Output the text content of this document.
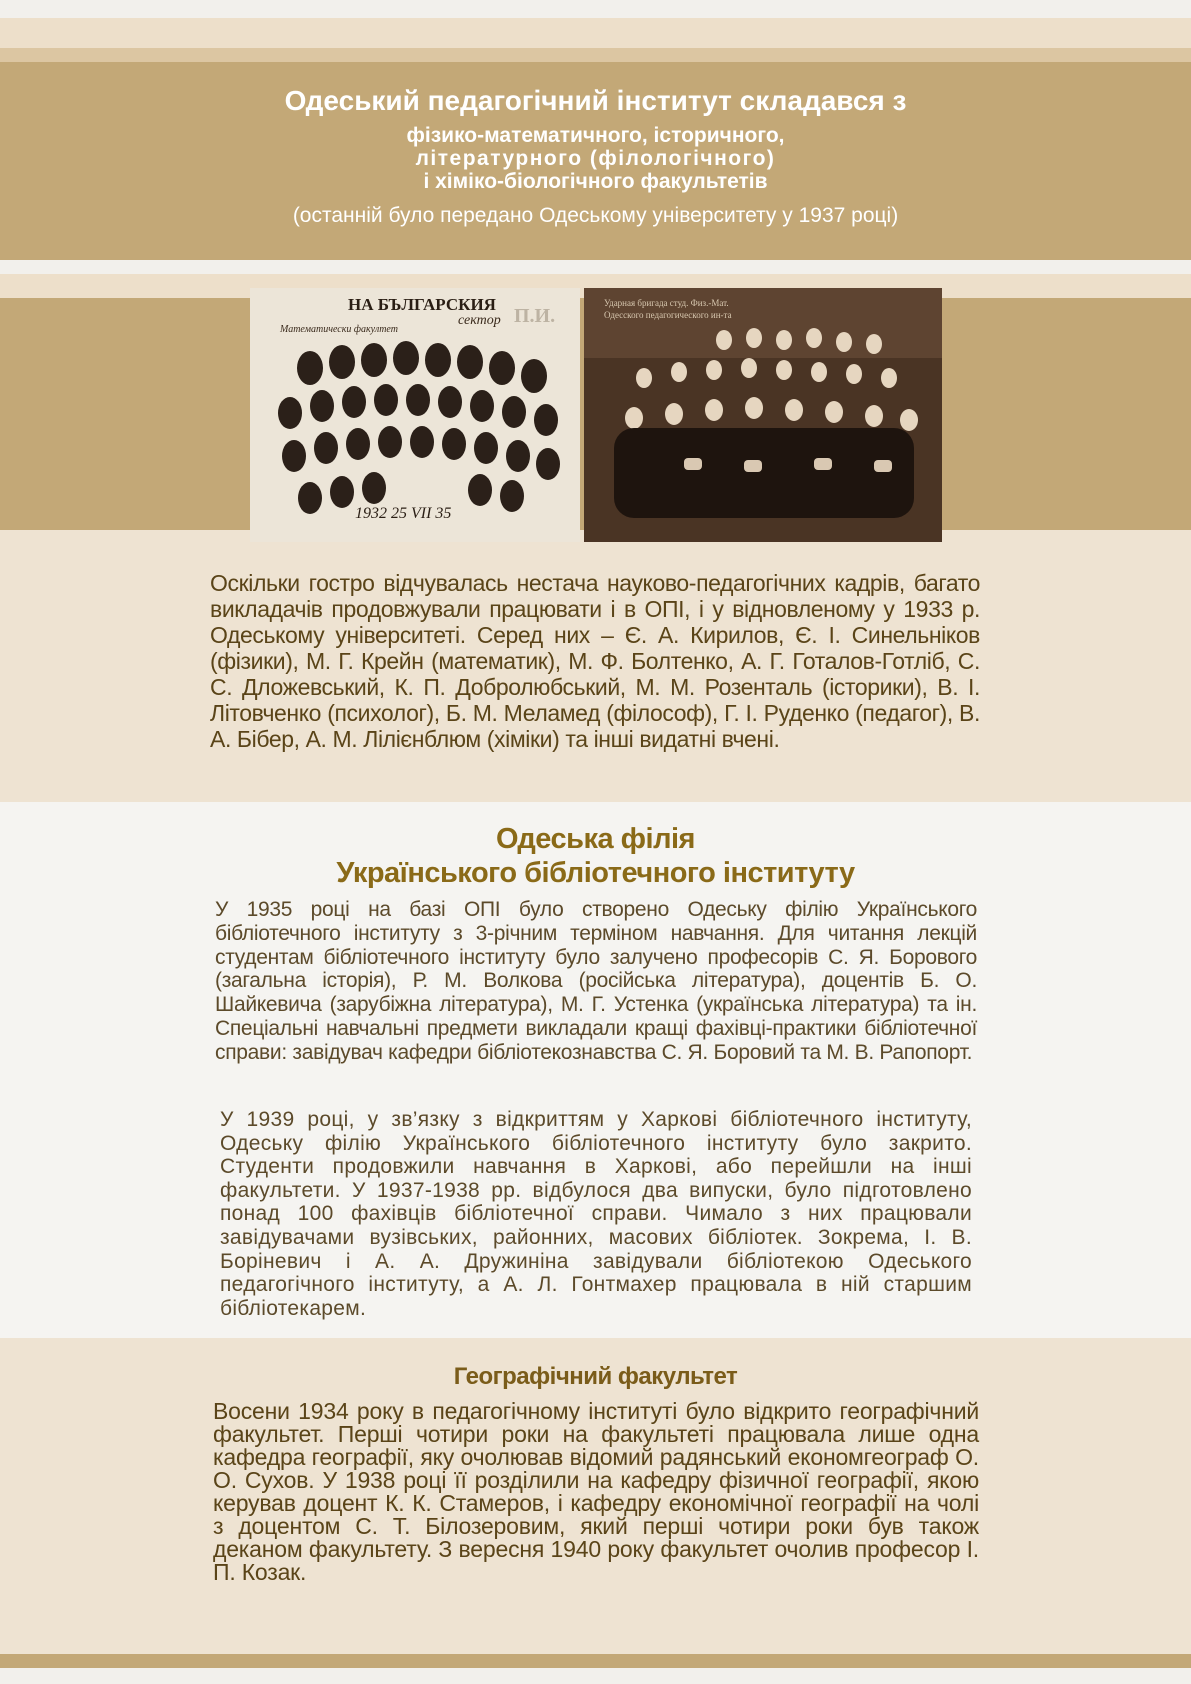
Одеський педагогічний інститут складався з
фізико-математичного, історичного,
літературного (філологічного)
і хіміко-біологічного факультетів
(останній було передано Одеському університету у 1937 році)
НА БЪЛГАРСКИЯ
сектор П.И.
Математически факултет
1932 25 VII 35
Ударная бригада студ. Физ.-Мат.
Одесского педагогического ин-та
Оскільки гостро відчувалась нестача науково-педагогічних кадрів, багато викладачів продовжували працювати і в ОПІ, і у відновленому у 1933 р. Одеському університеті. Серед них – Є. А. Кирилов, Є. І. Синельніков (фізики), М. Г. Крейн (математик), М. Ф. Болтенко, А. Г. Готалов-Готліб, С. С. Дложевський, К. П. Добролюбський, М. М. Розенталь (історики), В. І. Літовченко (психолог), Б. М. Меламед (філософ), Г. І. Руденко (педагог), В. А. Бібер, А. М. Лілієнблюм (хіміки) та інші видатні вчені.
Одеська філія
Українського бібліотечного інституту
У 1935 році на базі ОПІ було створено Одеську філію Українського бібліотечного інституту з 3-річним терміном навчання. Для читання лекцій студентам бібліотечного інституту було залучено професорів С. Я. Борового (загальна історія), Р. М. Волкова (російська література), доцентів Б. О. Шайкевича (зарубіжна література), М. Г. Устенка (українська література) та ін. Спеціальні навчальні предмети викладали кращі фахівці-практики бібліотечної справи: завідувач кафедри бібліотекознавства С. Я. Боровий та М. В. Рапопорт.
У 1939 році, у зв’язку з відкриттям у Харкові бібліотечного інституту, Одеську філію Українського бібліотечного інституту було закрито. Студенти продовжили навчання в Харкові, або перейшли на інші факультети. У 1937-1938 рр. відбулося два випуски, було підготовлено понад 100 фахівців бібліотечної справи. Чимало з них працювали завідувачами вузівських, районних, масових бібліотек. Зокрема, І. В. Боріневич і А. А. Дружиніна завідували бібліотекою Одеського педагогічного інституту, а А. Л. Гонтмахер працювала в ній старшим бібліотекарем.
Географічний факультет
Восени 1934 року в педагогічному інституті було відкрито географічний факультет. Перші чотири роки на факультеті працювала лише одна кафедра географії, яку очолював відомий радянський економгеограф О. О. Сухов. У 1938 році її розділили на кафедру фізичної географії, якою керував доцент К. К. Стамеров, і кафедру економічної географії на чолі з доцентом С. Т. Білозеровим, який перші чотири роки був також деканом факультету. З вересня 1940 року факультет очолив професор І. П. Козак.
